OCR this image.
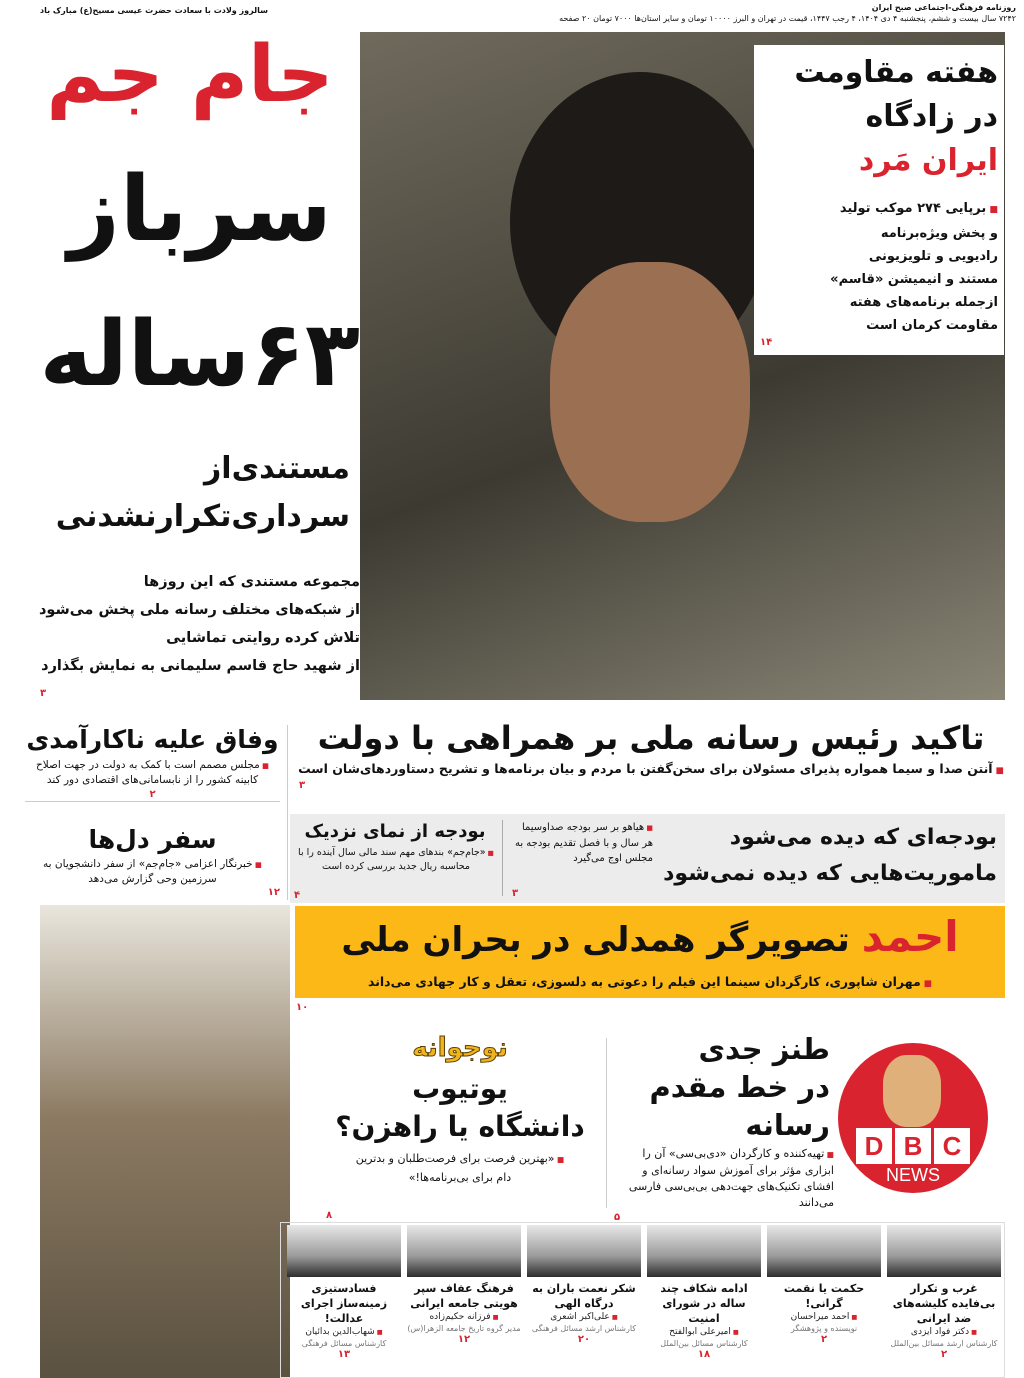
روزنامه فرهنگی-اجتماعی صبح ایران
۷۲۴۲ سال بیست و ششم، پنجشنبه ۴ دی ۱۴۰۴، ۴ رجب ۱۴۴۷، قیمت در تهران و البرز ۱۰۰۰۰ تومان و سایر استان‌ها ۷۰۰۰ تومان ۲۰ صفحه
سالروز ولادت با سعادت حضرت عیسی مسیح(ع) مبارک باد
جام جم	هفته مقاومت
در زادگاه
ایران مَرد
■ برپایی ۲۷۴ موکب تولید و پخش ویژه‌برنامه رادیویی و تلویزیونی مستند و انیمیشن «قاسم» ازجمله برنامه‌های هفته مقاومت کرمان است
۱۴
سرباز
۶۳ساله
مستندی‌از
سرداری‌تکرارنشدنی
مجموعه مستندی که این روزها
از شبکه‌های مختلف رسانه ملی پخش می‌شود
تلاش کرده روایتی تماشایی
از شهید حاج قاسم سلیمانی به نمایش بگذارد
۳
تاکید رئیس رسانه ملی بر همراهی با دولت
■ آنتن صدا و سیما همواره پذیرای مسئولان برای سخن‌گفتن با مردم و بیان برنامه‌ها و تشریح دستاوردهای‌شان است
۳
وفاق علیه ناکارآمدی
■ مجلس مصمم است با کمک به دولت در جهت اصلاح کابینه کشور را از نابسامانی‌های اقتصادی دور کند
۲
سفر دل‌ها
■ خبرنگار اعزامی «جام‌جم» از سفر دانشجویان به سرزمین وحی گزارش می‌دهد
۱۲
بودجه‌ای که دیده می‌شود
ماموریت‌هایی که دیده نمی‌شود
■ هیاهو بر سر بودجه صداوسیما هر سال و با فصل تقدیم بودجه به مجلس اوج می‌گیرد
۳
بودجه از نمای نزدیک
■ «جام‌جم» بندهای مهم سند مالی سال آینده را با محاسبه ریال جدید بررسی کرده است
۴
احمد تصویرگر همدلی در بحران ملی
■ مهران شاپوری، کارگردان سینما این فیلم را دعوتی به دلسوزی، تعقل و کار جهادی می‌داند
۱۰
D B C
NEWS
طنز جدی
در خط مقدم
رسانه
■ تهیه‌کننده و کارگردان «دی‌بی‌سی» آن را ابزاری مؤثر برای آموزش سواد رسانه‌ای و افشای تکنیک‌های جهت‌دهی بی‌بی‌سی فارسی می‌دانند
۵
نوجوانه
یوتیوب
دانشگاه یا راهزن؟
■ «بهترین فرصت برای فرصت‌طلبان و بدترین دام برای بی‌برنامه‌ها!»
۸
غرب و تکرار بی‌فایده کلیشه‌های ضد ایرانی
■ دکتر فواد ایزدی
کارشناس ارشد مسائل بین‌الملل
۲
حکمت یا نقمت گرانی!
■ احمد میراحسان
نویسنده و پژوهشگر
۲
ادامه شکاف چند ساله در شورای امنیت
■ امیرعلی ابوالفتح
کارشناس مسائل بین‌الملل
۱۸
شکر نعمت باران به درگاه الهی
■ علی‌اکبر اشعری
کارشناس ارشد مسائل فرهنگی
۲۰
فرهنگ عفاف سپر هویتی جامعه ایرانی
■ فرزانه حکیم‌زاده
مدیر گروه تاریخ جامعه الزهرا(س)
۱۲
فسادستیزی زمینه‌ساز اجرای عدالت!
■ شهاب‌الدین بدائیان
کارشناس مسائل فرهنگی
۱۳
